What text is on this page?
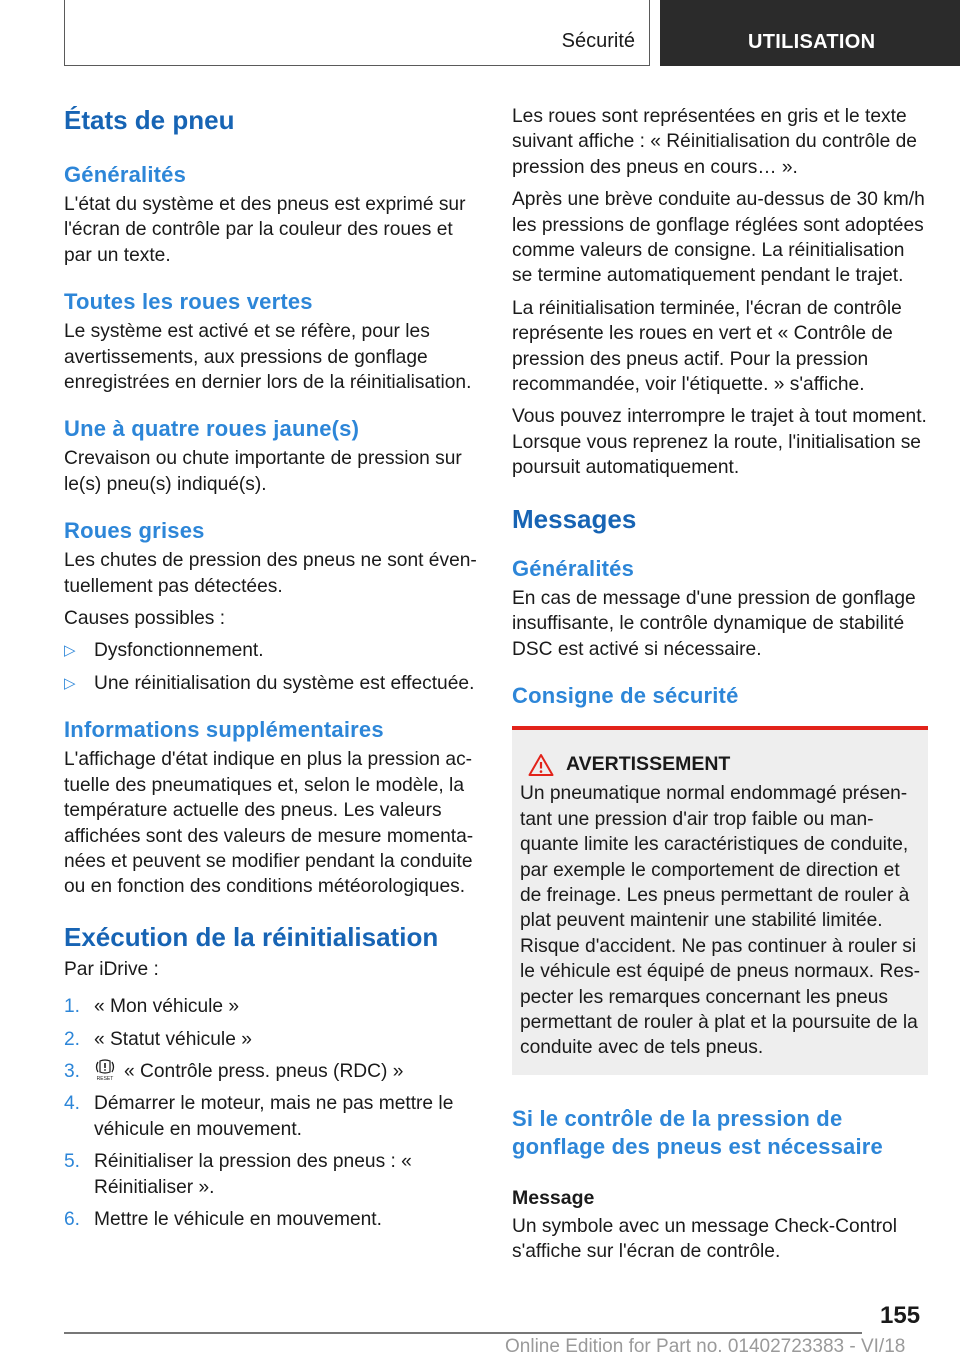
Sécurité	UTILISATION
États de pneu
Généralités

L'état du système et des pneus est exprimé sur l'écran de contrôle par la couleur des roues et par un texte.

Toutes les roues vertes

Le système est activé et se réfère, pour les avertissements, aux pressions de gonflage enregistrées en dernier lors de la réinitialisation.

Une à quatre roues jaune(s)

Crevaison ou chute importante de pression sur le(s) pneu(s) indiqué(s).

Roues grises

Les chutes de pression des pneus ne sont éventuellement pas détectées.

Causes possibles :

▷ Dysfonctionnement.
▷ Une réinitialisation du système est effectuée.
Informations supplémentaires

L'affichage d'état indique en plus la pression actuelle des pneumatiques et, selon le modèle, la température actuelle des pneus. Les valeurs affichées sont des valeurs de mesure momentanées et peuvent se modifier pendant la conduite ou en fonction des conditions météorologiques.

Exécution de la réinitialisation

Par iDrive :

1. « Mon véhicule »
2. « Statut véhicule »
3.	RESET « Contrôle press. pneus (RDC) »
4. Démarrer le moteur, mais ne pas mettre le véhicule en mouvement.
5. Réinitialiser la pression des pneus : « Réinitialiser ».
6. Mettre le véhicule en mouvement.

Les roues sont représentées en gris et le texte suivant affiche : « Réinitialisation du contrôle de pression des pneus en cours… ».

Après une brève conduite au-dessus de 30 km/h les pressions de gonflage réglées sont adoptées comme valeurs de consigne. La réinitialisation se termine automatiquement pendant le trajet.

La réinitialisation terminée, l'écran de contrôle représente les roues en vert et « Contrôle de pression des pneus actif. Pour la pression recommandée, voir l'étiquette. » s'affiche.

Vous pouvez interrompre le trajet à tout moment. Lorsque vous reprenez la route, l'initialisation se poursuit automatiquement.

Messages
Généralités

En cas de message d'une pression de gonflage insuffisante, le contrôle dynamique de stabilité DSC est activé si nécessaire.

Consigne de sécurité
AVERTISSEMENT

Un pneumatique normal endommagé présentant une pression d'air trop faible ou manquante limite les caractéristiques de conduite, par exemple le comportement de direction et de freinage. Les pneus permettant de rouler à plat peuvent maintenir une stabilité limitée. Risque d'accident. Ne pas continuer à rouler si le véhicule est équipé de pneus normaux. Respecter les remarques concernant les pneus permettant de rouler à plat et la poursuite de la conduite avec de tels pneus.

Si le contrôle de la pression de gonflage des pneus est nécessaire
Message

Un symbole avec un message Check-Control s'affiche sur l'écran de contrôle.

155
Online Edition for Part no. 01402723383 - VI/18
